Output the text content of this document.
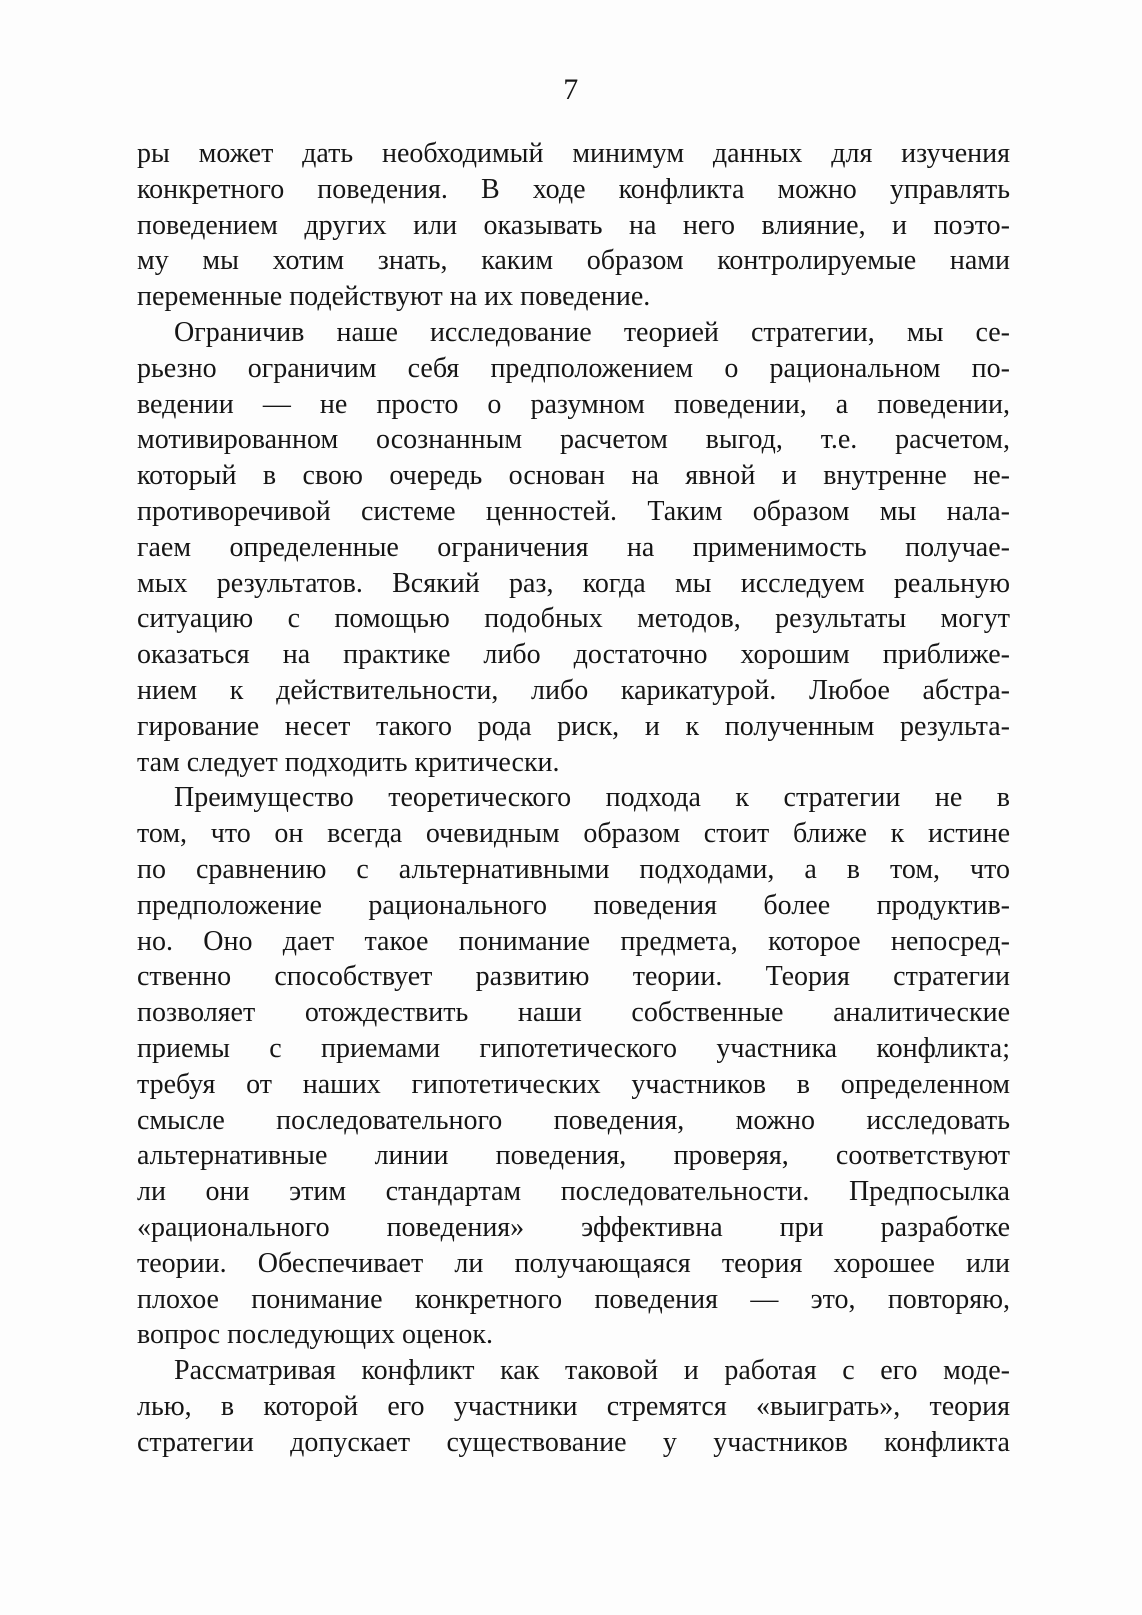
7
ры может дать необходимый минимум данных для изучения
конкретного поведения. В ходе конфликта можно управлять
поведением других или оказывать на него влияние, и поэто-
му мы хотим знать, каким образом контролируемые нами
переменные подействуют на их поведение.
Ограничив наше исследование теорией стратегии, мы се-
рьезно ограничим себя предположением о рациональном по-
ведении — не просто о разумном поведении, а поведении,
мотивированном осознанным расчетом выгод, т.е. расчетом,
который в свою очередь основан на явной и внутренне не-
противоречивой системе ценностей. Таким образом мы нала-
гаем определенные ограничения на применимость получае-
мых результатов. Всякий раз, когда мы исследуем реальную
ситуацию с помощью подобных методов, результаты могут
оказаться на практике либо достаточно хорошим приближе-
нием к действительности, либо карикатурой. Любое абстра-
гирование несет такого рода риск, и к полученным результа-
там следует подходить критически.
Преимущество теоретического подхода к стратегии не в
том, что он всегда очевидным образом стоит ближе к истине
по сравнению с альтернативными подходами, а в том, что
предположение рационального поведения более продуктив-
но. Оно дает такое понимание предмета, которое непосред-
ственно способствует развитию теории. Теория стратегии
позволяет отождествить наши собственные аналитические
приемы с приемами гипотетического участника конфликта;
требуя от наших гипотетических участников в определенном
смысле последовательного поведения, можно исследовать
альтернативные линии поведения, проверяя, соответствуют
ли они этим стандартам последовательности. Предпосылка
«рационального поведения» эффективна при разработке
теории. Обеспечивает ли получающаяся теория хорошее или
плохое понимание конкретного поведения — это, повторяю,
вопрос последующих оценок.
Рассматривая конфликт как таковой и работая с его моде-
лью, в которой его участники стремятся «выиграть», теория
стратегии допускает существование у участников конфликта
